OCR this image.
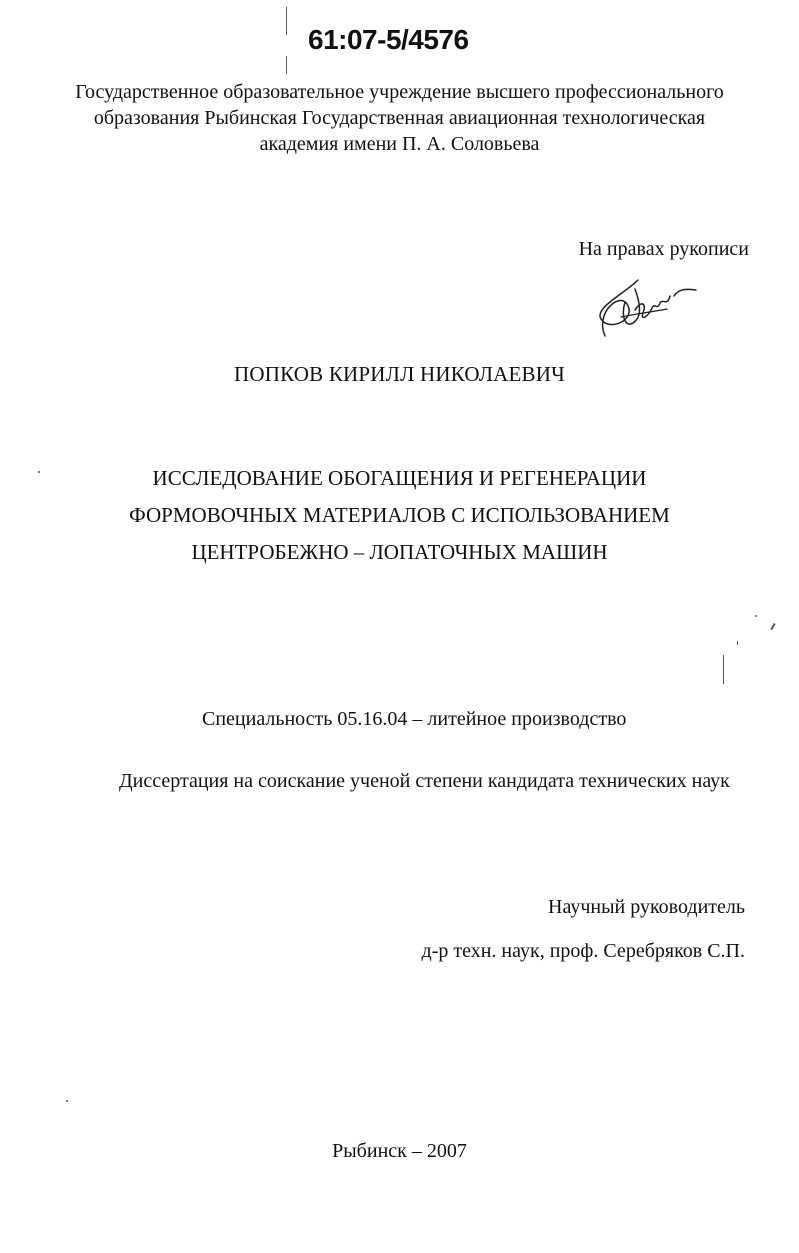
61:07-5/4576
Государственное образовательное учреждение высшего профессионального
образования Рыбинская Государственная авиационная технологическая
академия имени П. А. Соловьева
На правах рукописи
ПОПКОВ КИРИЛЛ НИКОЛАЕВИЧ
ИССЛЕДОВАНИЕ ОБОГАЩЕНИЯ И РЕГЕНЕРАЦИИ
ФОРМОВОЧНЫХ МАТЕРИАЛОВ С ИСПОЛЬЗОВАНИЕМ
ЦЕНТРОБЕЖНО – ЛОПАТОЧНЫХ МАШИН
Специальность 05.16.04 – литейное производство
Диссертация на соискание ученой степени кандидата технических наук
Научный руководитель
д-р техн. наук, проф. Серебряков С.П.
Рыбинск – 2007
